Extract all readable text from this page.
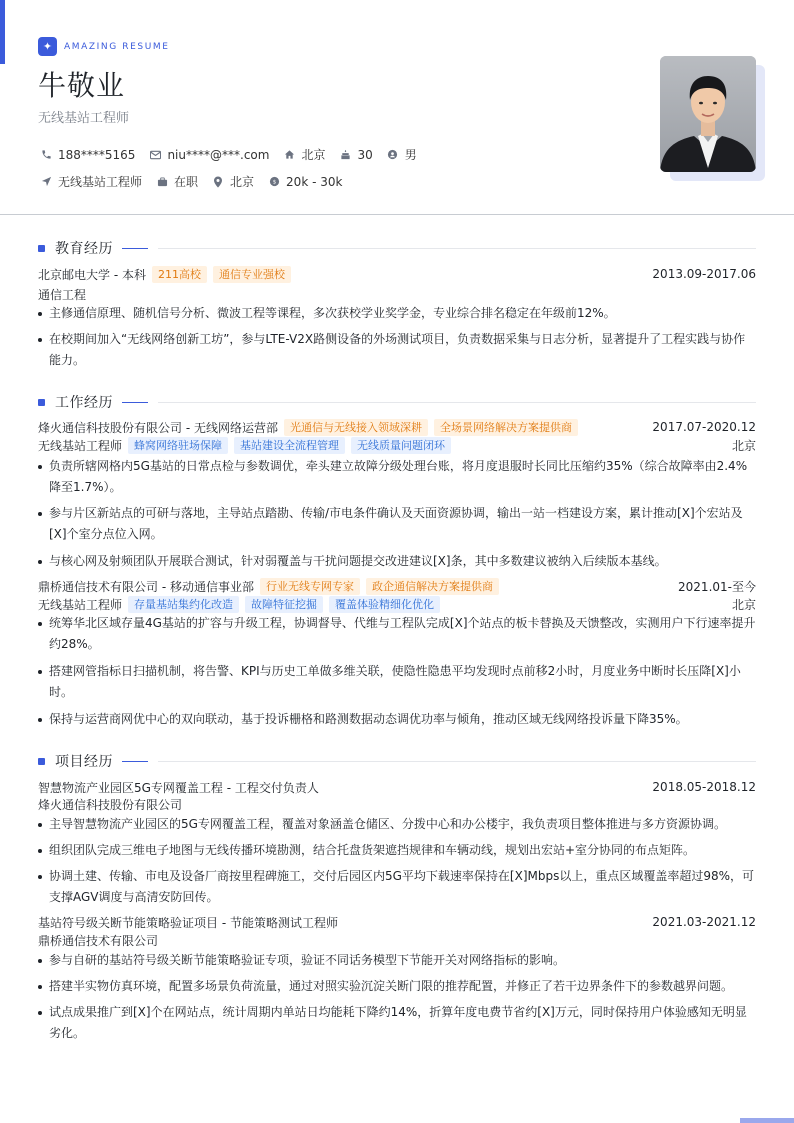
✦	AMAZING RESUME
牛敬业
无线基站工程师
188****5165	niu****@***.com	北京	30	男
无线基站工程师	在职	北京 $ 20k - 30k
教育经历
北京邮电大学 - 本科	211高校	通信专业强校	2013.09-2017.06
通信工程
主修通信原理、随机信号分析、微波工程等课程，多次获校学业奖学金，专业综合排名稳定在年级前12%。
在校期间加入“无线网络创新工坊”，参与LTE-V2X路侧设备的外场测试项目，负责数据采集与日志分析，显著提升了工程实践与协作能力。
工作经历
烽火通信科技股份有限公司 - 无线网络运营部	光通信与无线接入领域深耕	全场景网络解决方案提供商	2017.07-2020.12
无线基站工程师	蜂窝网络驻场保障	基站建设全流程管理	无线质量问题闭环	北京
负责所辖网格内5G基站的日常点检与参数调优，牵头建立故障分级处理台账，将月度退服时长同比压缩约35%（综合故障率由2.4%降至1.7%）。
参与片区新站点的可研与落地，主导站点踏勘、传输/市电条件确认及天面资源协调，输出一站一档建设方案，累计推动[X]个宏站及[X]个室分点位入网。
与核心网及射频团队开展联合测试，针对弱覆盖与干扰问题提交改进建议[X]条，其中多数建议被纳入后续版本基线。
鼎桥通信技术有限公司 - 移动通信事业部	行业无线专网专家	政企通信解决方案提供商	2021.01-至今
无线基站工程师	存量基站集约化改造	故障特征挖掘	覆盖体验精细化优化	北京
统筹华北区域存量4G基站的扩容与升级工程，协调督导、代维与工程队完成[X]个站点的板卡替换及天馈整改，实测用户下行速率提升约28%。
搭建网管指标日扫描机制，将告警、KPI与历史工单做多维关联，使隐性隐患平均发现时点前移2小时，月度业务中断时长压降[X]小时。
保持与运营商网优中心的双向联动，基于投诉栅格和路测数据动态调优功率与倾角，推动区域无线网络投诉量下降35%。
项目经历
智慧物流产业园区5G专网覆盖工程 - 工程交付负责人	2018.05-2018.12
烽火通信科技股份有限公司
主导智慧物流产业园区的5G专网覆盖工程，覆盖对象涵盖仓储区、分拨中心和办公楼宇，我负责项目整体推进与多方资源协调。
组织团队完成三维电子地图与无线传播环境勘测，结合托盘货架遮挡规律和车辆动线，规划出宏站+室分协同的布点矩阵。
协调土建、传输、市电及设备厂商按里程碑施工，交付后园区内5G平均下载速率保持在[X]Mbps以上，重点区域覆盖率超过98%，可支撑AGV调度与高清安防回传。
基站符号级关断节能策略验证项目 - 节能策略测试工程师	2021.03-2021.12
鼎桥通信技术有限公司
参与自研的基站符号级关断节能策略验证专项，验证不同话务模型下节能开关对网络指标的影响。
搭建半实物仿真环境，配置多场景负荷流量，通过对照实验沉淀关断门限的推荐配置，并修正了若干边界条件下的参数越界问题。
试点成果推广到[X]个在网站点，统计周期内单站日均能耗下降约14%，折算年度电费节省约[X]万元，同时保持用户体验感知无明显劣化。
